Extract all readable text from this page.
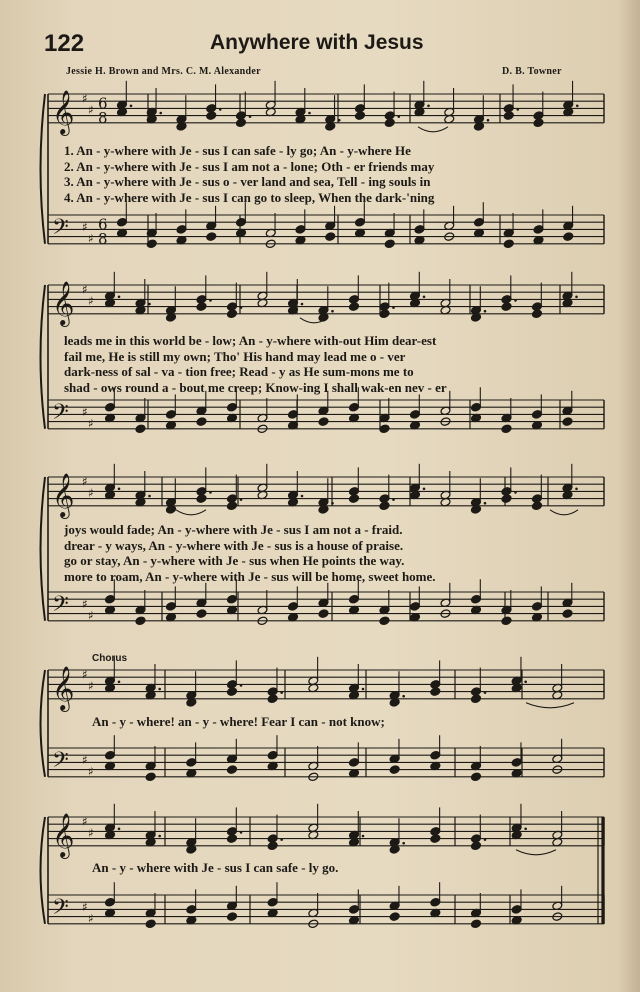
122	Anywhere with Jesus
Jessie H. Brown and Mrs. C. M. Alexander	D. B. Towner
𝄞
𝄢
♯
♯
♯
♯
6
8
6
8
𝄞
𝄢
♯
♯
♯
♯
𝄞
𝄢
♯
♯
♯
♯
𝄞
𝄢
♯
♯
♯
♯
𝄞
𝄢
♯
♯
♯
♯
1. An - y-where with Je - sus I can safe - ly go; An - y-where He
2. An - y-where with Je - sus I am not a - lone; Oth - er friends may
3. An - y-where with Je - sus o - ver land and sea, Tell - ing souls in
4. An - y-where with Je - sus I can go to sleep, When the dark-'ning
leads me in this world be - low; An - y-where with-out Him dear-est
fail me, He is still my own; Tho' His hand may lead me o - ver
dark-ness of sal - va - tion free; Read - y as He sum-mons me to
shad - ows round a - bout me creep; Know-ing I shall wak-en nev - er
joys would fade; An - y-where with Je - sus I am not a - fraid.
drear - y ways, An - y-where with Je - sus is a house of praise.
go or stay, An - y-where with Je - sus when He points the way.
more to roam, An - y-where with Je - sus will be home, sweet home.
Chorus
An - y - where! an - y - where! Fear I can - not know;
An - y - where with Je - sus I can safe - ly go.
